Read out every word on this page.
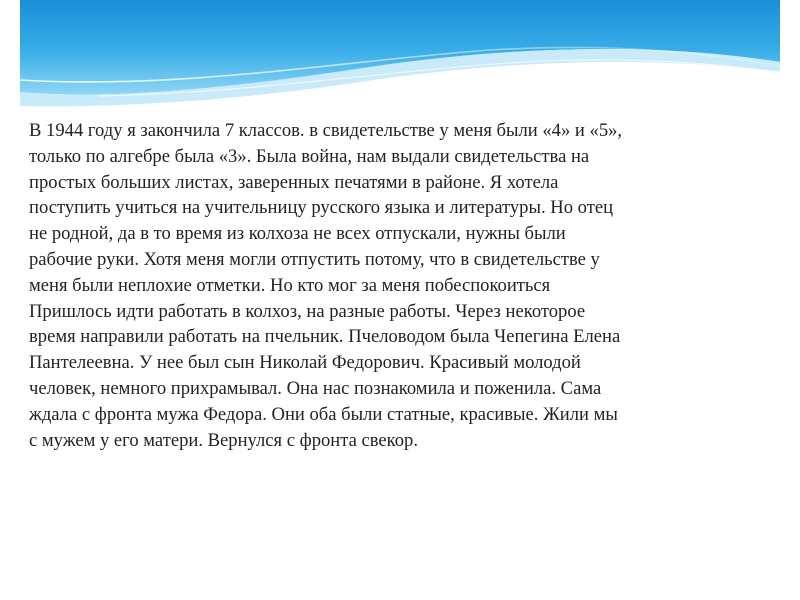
В 1944 году я закончила 7 классов. в свидетельстве у меня были «4» и «5»,
только по алгебре была «3». Была война, нам выдали свидетельства на
простых больших листах, заверенных печатями в районе. Я хотела
поступить учиться на учительницу русского языка и литературы. Но отец
не родной, да в то время из колхоза не всех отпускали, нужны были
рабочие руки. Хотя меня могли отпустить потому, что в свидетельстве у
меня были неплохие отметки. Но кто мог за меня побеспокоиться
Пришлось идти работать в колхоз, на разные работы. Через некоторое
время направили работать на пчельник. Пчеловодом была Чепегина Елена
Пантелеевна. У нее был сын Николай Федорович. Красивый молодой
человек, немного прихрамывал. Она нас познакомила и поженила. Сама
ждала с фронта мужа Федора. Они оба были статные, красивые. Жили мы
с мужем у его матери. Вернулся с фронта свекор.
